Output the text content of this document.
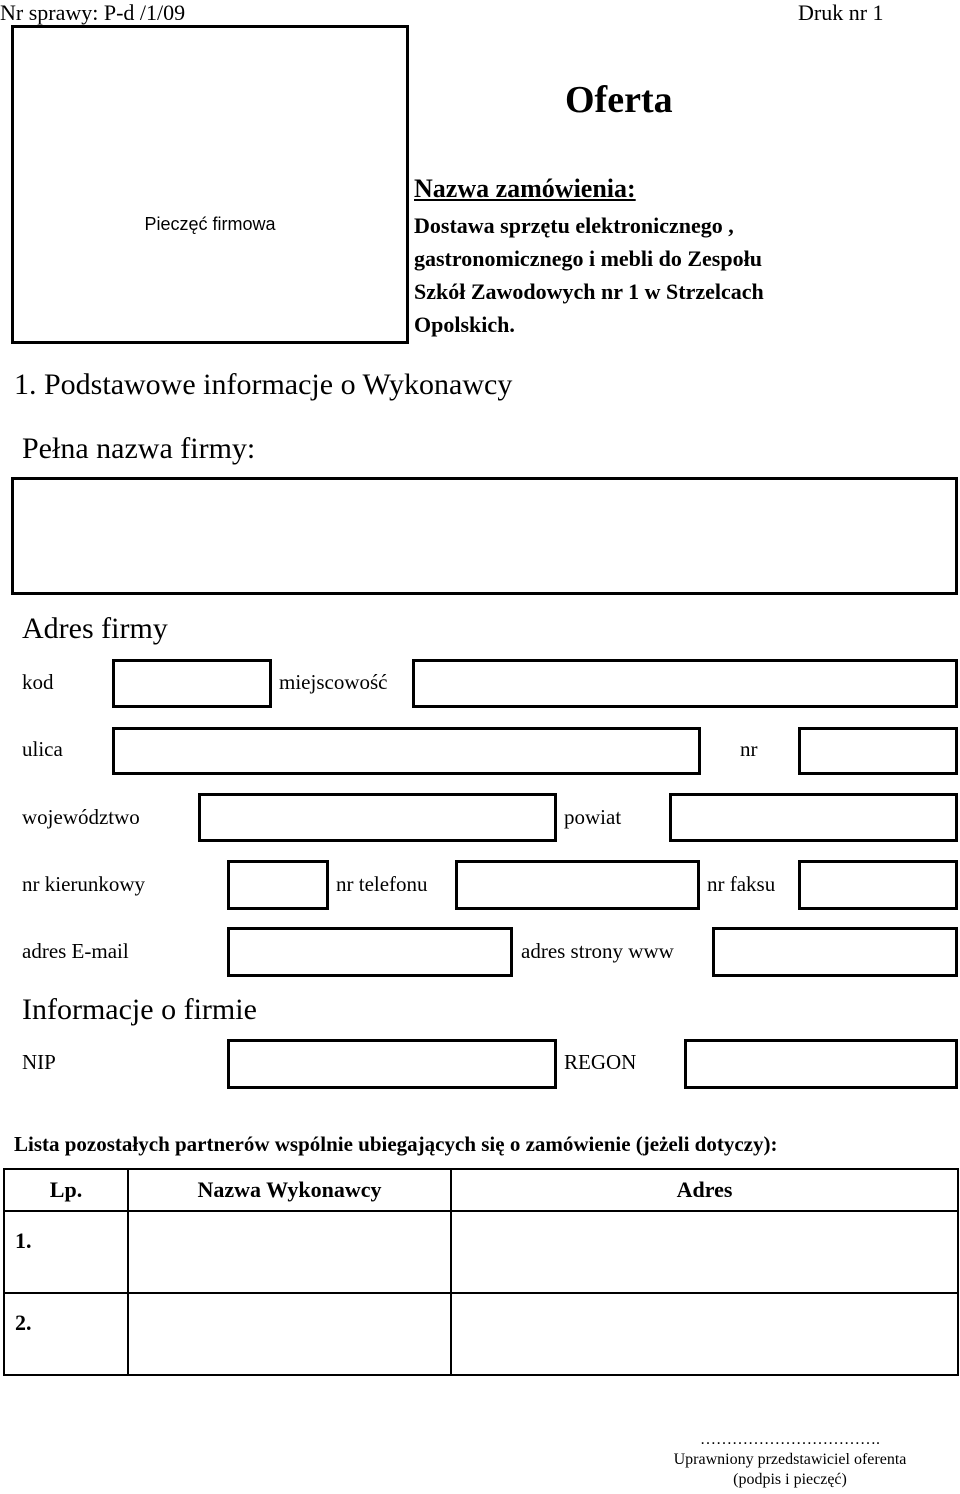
Nr sprawy: P-d /1/09	Druk nr 1
Pieczęć firmowa
Oferta
Nazwa zamówienia:
Dostawa sprzętu elektronicznego ,
gastronomicznego i mebli do Zespołu
Szkół Zawodowych nr 1 w Strzelcach
Opolskich.
1. Podstawowe informacje o Wykonawcy
Pełna nazwa firmy:
Adres firmy
kod	miejscowość
ulica	nr
województwo	powiat
nr kierunkowy	nr telefonu	nr faksu
adres E-mail	adres strony www
Informacje o firmie
NIP	REGON
Lista pozostałych partnerów wspólnie ubiegających się o zamówienie (jeżeli dotyczy):
Lp.	Nazwa Wykonawcy	Adres

1.		

2.		

…………………………….
Uprawniony przedstawiciel oferenta
(podpis i pieczęć)
